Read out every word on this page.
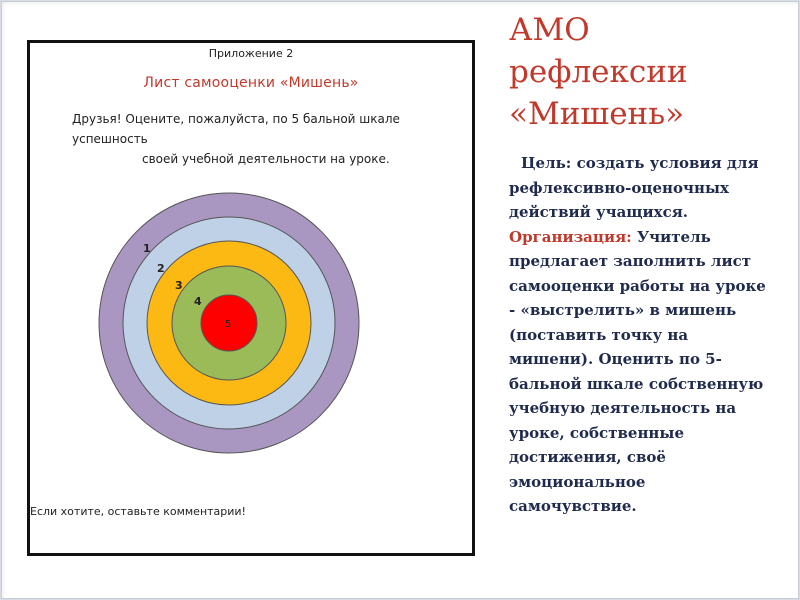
Приложение 2
Лист самооценки «Мишень»
Друзья! Оцените, пожалуйста, по 5 бальной шкале успешность
своей учебной деятельности на уроке.
1
2
3
4
5
Если хотите, оставьте комментарии!
АМО
рефлексии
«Мишень»
Цель: создать условия для рефлексивно-оценочных действий учащихся.
Организация: Учитель предлагает заполнить лист самооценки работы на уроке - «выстрелить» в мишень (поставить точку на мишени). Оценить по 5-бальной шкале собственную учебную деятельность на уроке, собственные достижения, своё эмоциональное самочувствие.
